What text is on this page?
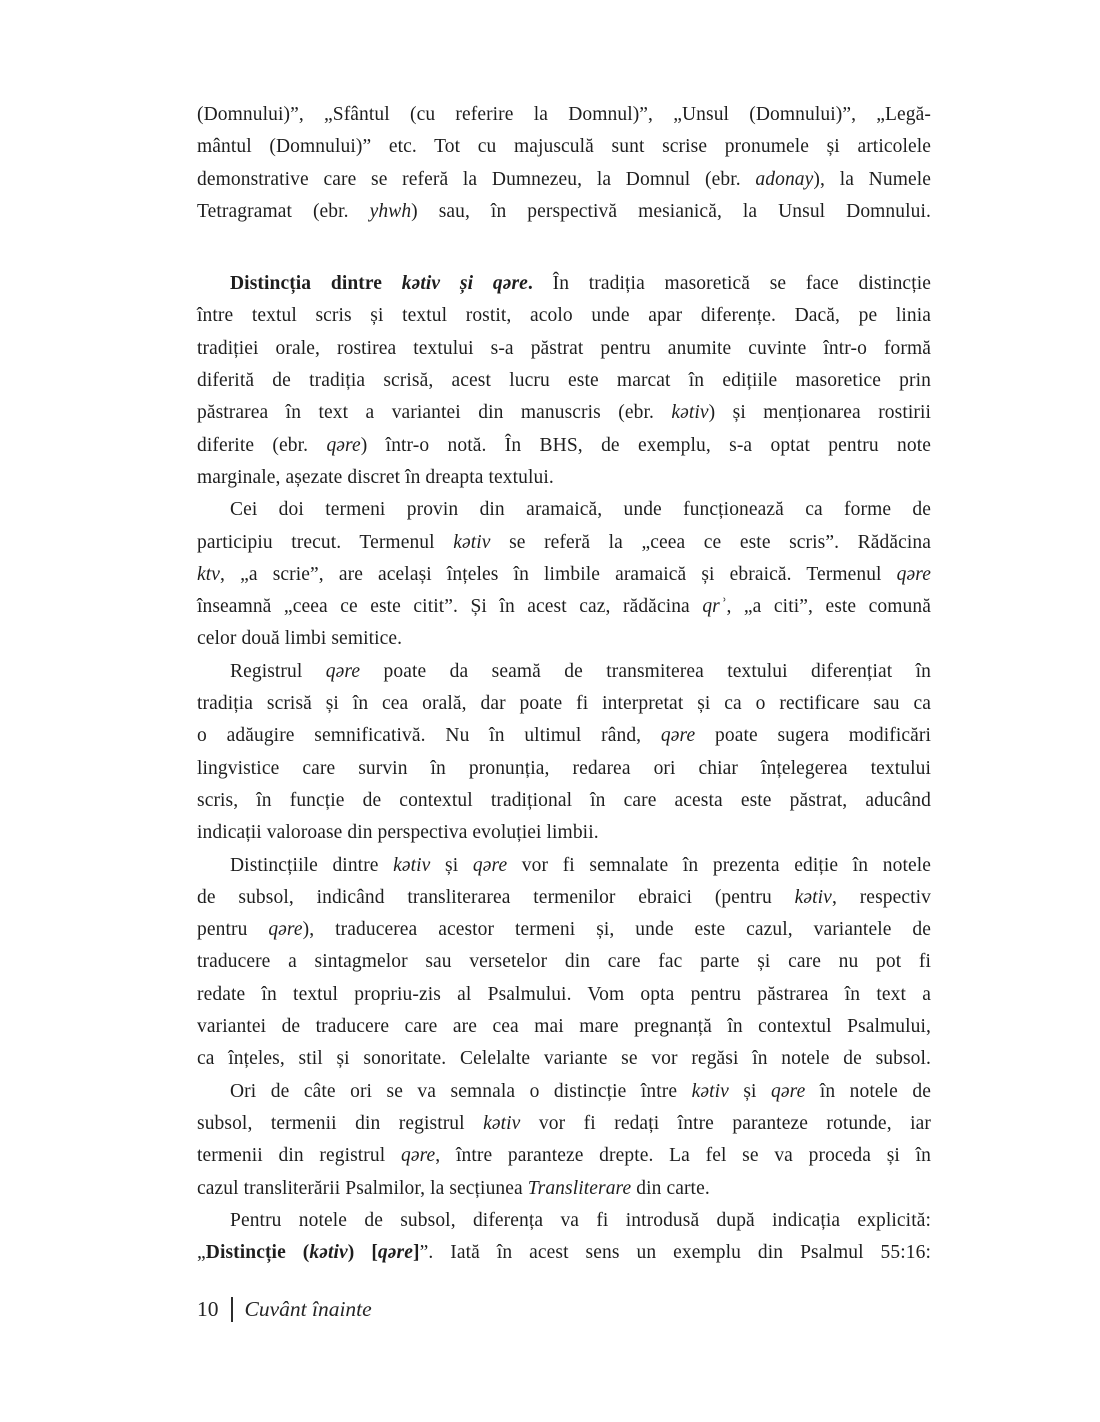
(Domnului)”, „Sfântul (cu referire la Domnul)”, „Unsul (Domnului)”, „Legă-
mântul (Domnului)” etc. Tot cu majusculă sunt scrise pronumele și articolele
demonstrative care se referă la Dumnezeu, la Domnul (ebr. adonay), la Numele
Tetragramat (ebr. yhwh) sau, în perspectivă mesianică, la Unsul Domnului.
Distincția dintre kətiv și qəre. În tradiția masoretică se face distincție
între textul scris și textul rostit, acolo unde apar diferențe. Dacă, pe linia
tradiției orale, rostirea textului s-a păstrat pentru anumite cuvinte într-o formă
diferită de tradiția scrisă, acest lucru este marcat în edițiile masoretice prin
păstrarea în text a variantei din manuscris (ebr. kətiv) și menționarea rostirii
diferite (ebr. qəre) într-o notă. În BHS, de exemplu, s-a optat pentru note
marginale, așezate discret în dreapta textului.
Cei doi termeni provin din aramaică, unde funcționează ca forme de
participiu trecut. Termenul kətiv se referă la „ceea ce este scris”. Rădăcina
ktv, „a scrie”, are același înțeles în limbile aramaică și ebraică. Termenul qəre
înseamnă „ceea ce este citit”. Și în acest caz, rădăcina qrʾ, „a citi”, este comună
celor două limbi semitice.
Registrul qəre poate da seamă de transmiterea textului diferențiat în
tradiția scrisă și în cea orală, dar poate fi interpretat și ca o rectificare sau ca
o adăugire semnificativă. Nu în ultimul rând, qəre poate sugera modificări
lingvistice care survin în pronunția, redarea ori chiar înțelegerea textului
scris, în funcție de contextul tradițional în care acesta este păstrat, aducând
indicații valoroase din perspectiva evoluției limbii.
Distincțiile dintre kətiv și qəre vor fi semnalate în prezenta ediție în notele
de subsol, indicând transliterarea termenilor ebraici (pentru kətiv, respectiv
pentru qəre), traducerea acestor termeni și, unde este cazul, variantele de
traducere a sintagmelor sau versetelor din care fac parte și care nu pot fi
redate în textul propriu-zis al Psalmului. Vom opta pentru păstrarea în text a
variantei de traducere care are cea mai mare pregnanță în contextul Psalmului,
ca înțeles, stil și sonoritate. Celelalte variante se vor regăsi în notele de subsol.
Ori de câte ori se va semnala o distincție între kətiv și qəre în notele de
subsol, termenii din registrul kətiv vor fi redați între paranteze rotunde, iar
termenii din registrul qəre, între paranteze drepte. La fel se va proceda și în
cazul transliterării Psalmilor, la secțiunea Transliterare din carte.
Pentru notele de subsol, diferența va fi introdusă după indicația explicită:
„Distincție (kətiv) [qəre]”. Iată în acest sens un exemplu din Psalmul 55:16:
10 Cuvânt înainte
